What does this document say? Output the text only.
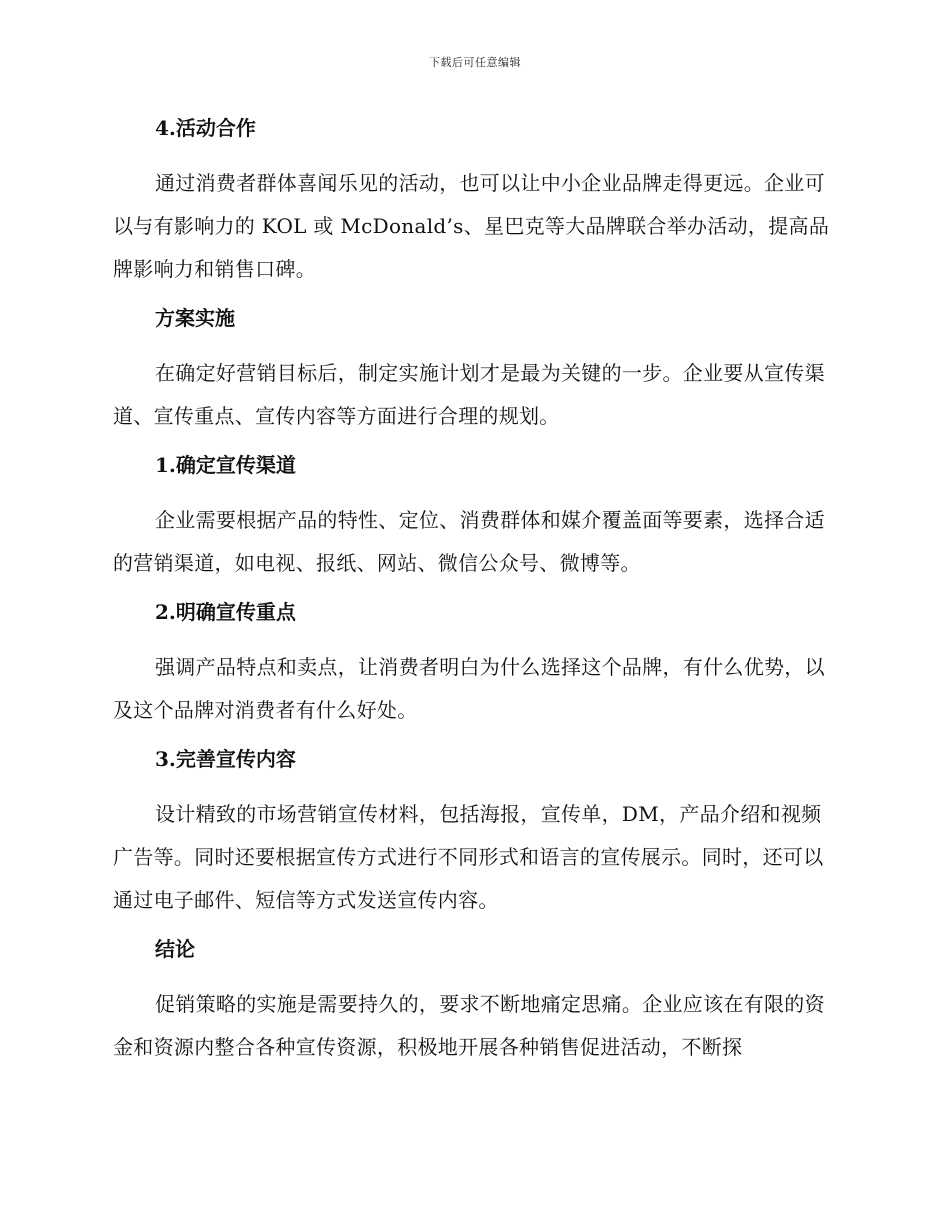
下载后可任意编辑
4.活动合作
通过消费者群体喜闻乐见的活动，也可以让中小企业品牌走得更远。企业可以与有影响力的 KOL 或 McDonald’s、星巴克等大品牌联合举办活动，提高品牌影响力和销售口碑。
方案实施
在确定好营销目标后，制定实施计划才是最为关键的一步。企业要从宣传渠道、宣传重点、宣传内容等方面进行合理的规划。
1.确定宣传渠道
企业需要根据产品的特性、定位、消费群体和媒介覆盖面等要素，选择合适的营销渠道，如电视、报纸、网站、微信公众号、微博等。
2.明确宣传重点
强调产品特点和卖点，让消费者明白为什么选择这个品牌，有什么优势，以及这个品牌对消费者有什么好处。
3.完善宣传内容
设计精致的市场营销宣传材料，包括海报，宣传单，DM，产品介绍和视频广告等。同时还要根据宣传方式进行不同形式和语言的宣传展示。同时，还可以通过电子邮件、短信等方式发送宣传内容。
结论
促销策略的实施是需要持久的，要求不断地痛定思痛。企业应该在有限的资金和资源内整合各种宣传资源，积极地开展各种销售促进活动，不断探
